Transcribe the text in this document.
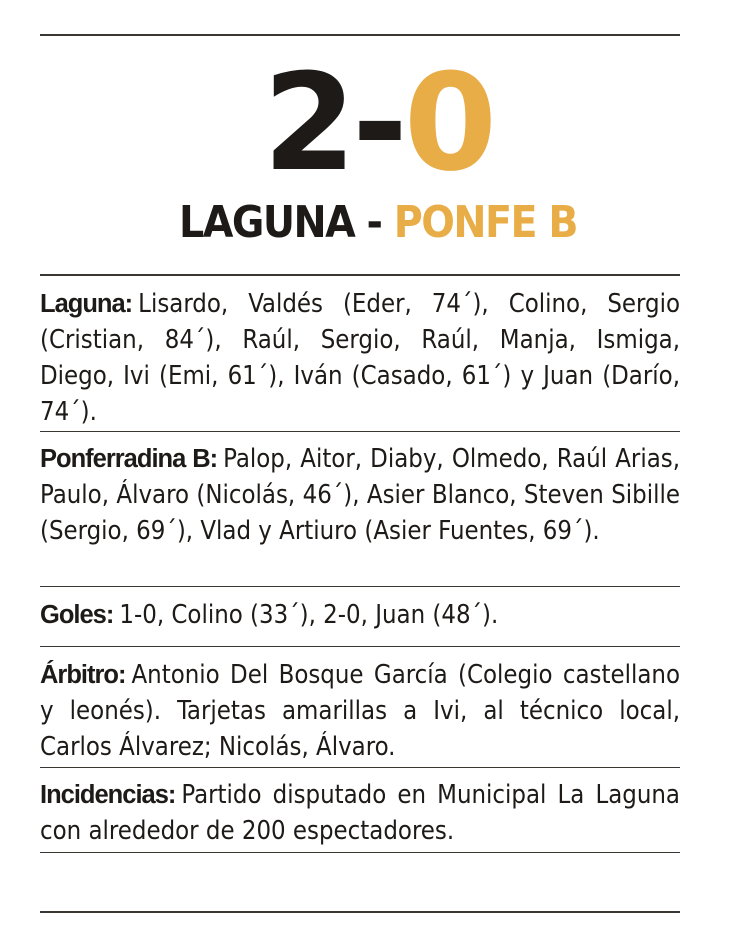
2-0
LAGUNA - PONFE B
Laguna: Lisardo, Valdés (Eder, 74´), Colino, Sergio (Cristian, 84´), Raúl, Sergio, Raúl, Manja, Ismiga, Diego, Ivi (Emi, 61´), Iván (Casado, 61´) y Juan (Darío, 74´).
Ponferradina B: Palop, Aitor, Diaby, Olmedo, Raúl Arias, Paulo, Álvaro (Nicolás, 46´), Asier Blanco, Steven Sibille (Sergio, 69´), Vlad y Artiuro (Asier Fuentes, 69´).
Goles: 1-0, Colino (33´), 2-0, Juan (48´).
Árbitro: Antonio Del Bosque García (Colegio castellano y leonés). Tarjetas amarillas a Ivi, al técnico local, Carlos Álvarez; Nicolás, Álvaro.
Incidencias: Partido disputado en Municipal La Laguna con alrededor de 200 espectadores.
